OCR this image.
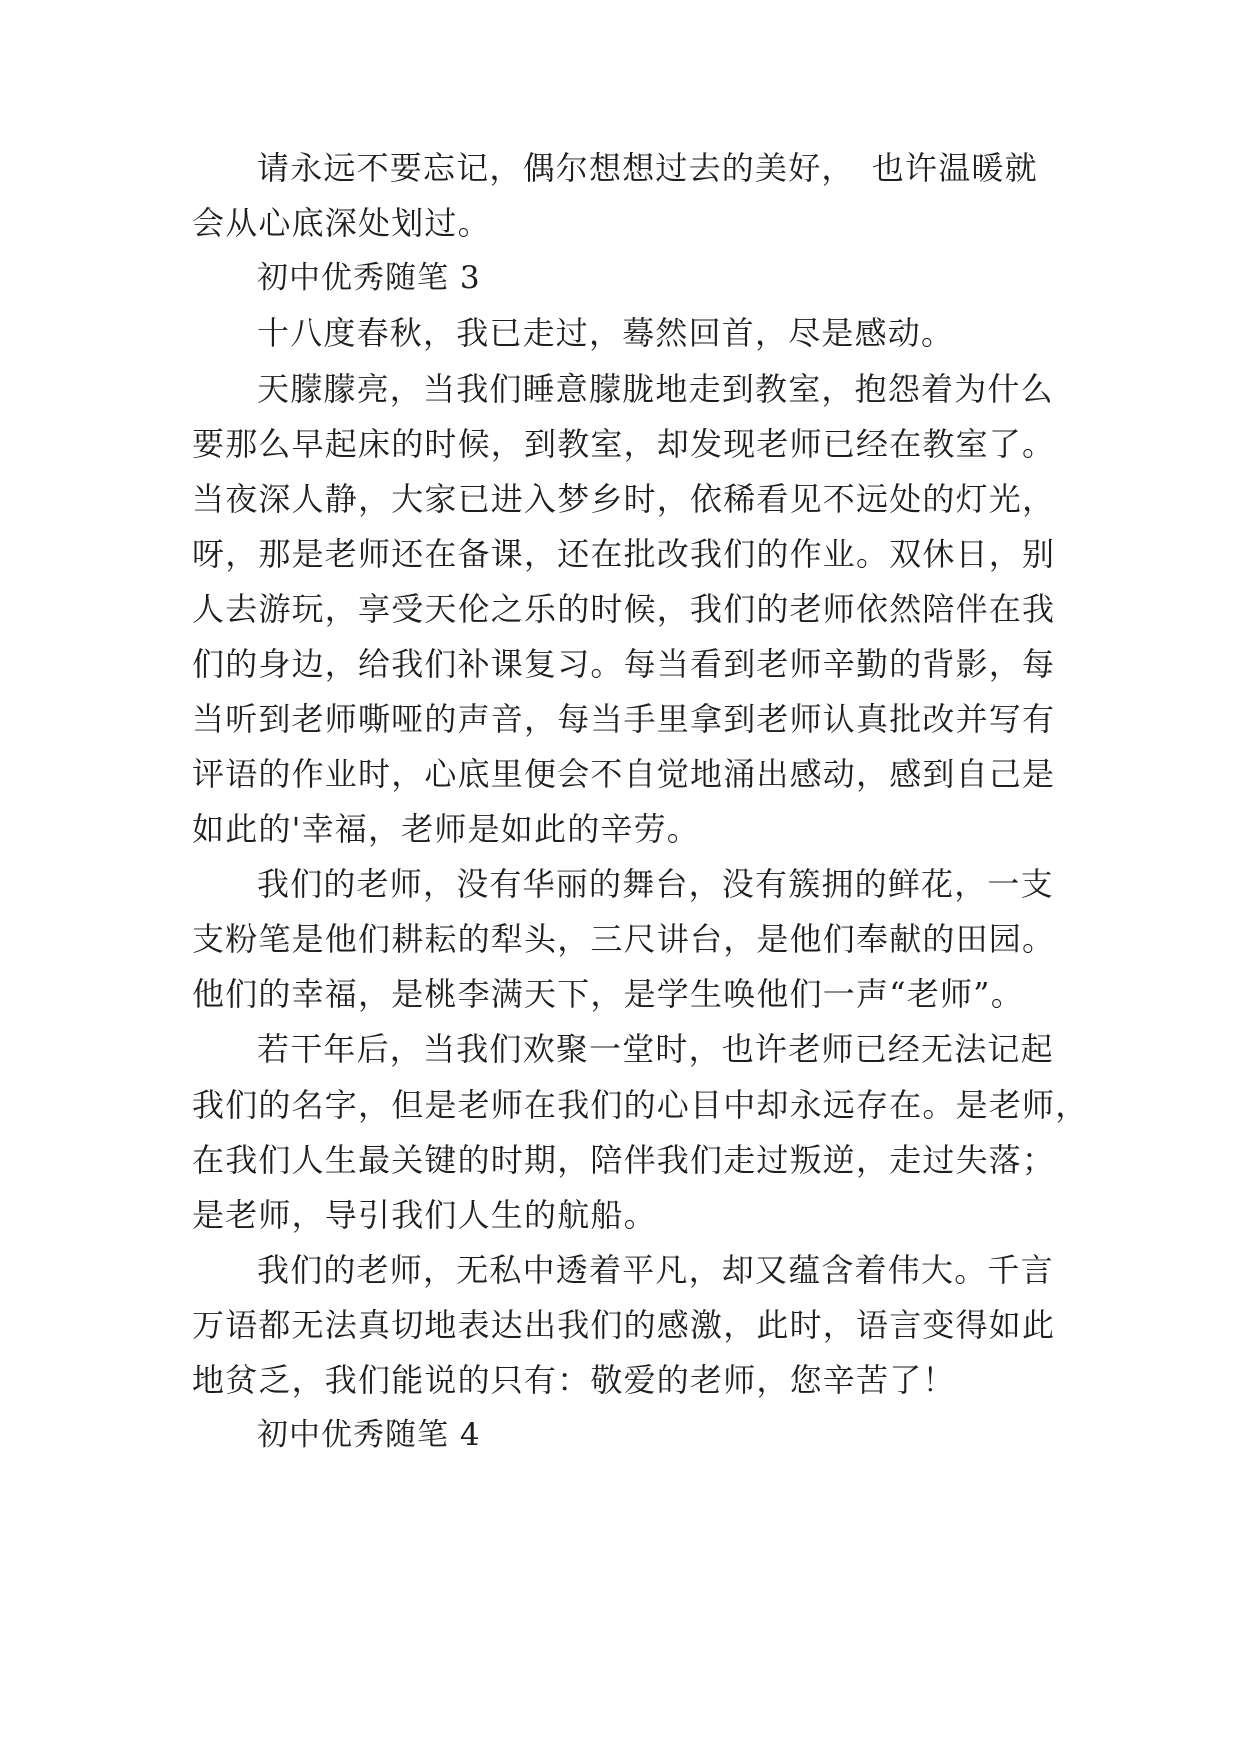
请永远不要忘记，偶尔想想过去的美好，　也许温暖就

会从心底深处划过。

初中优秀随笔 3

十八度春秋，我已走过，蓦然回首，尽是感动。

天朦朦亮，当我们睡意朦胧地走到教室，抱怨着为什么

要那么早起床的时候，到教室，却发现老师已经在教室了。

当夜深人静，大家已进入梦乡时，依稀看见不远处的灯光，

呀，那是老师还在备课，还在批改我们的作业。双休日，别

人去游玩，享受天伦之乐的时候，我们的老师依然陪伴在我

们的身边，给我们补课复习。每当看到老师辛勤的背影，每

当听到老师嘶哑的声音，每当手里拿到老师认真批改并写有

评语的作业时，心底里便会不自觉地涌出感动，感到自己是

如此的'幸福，老师是如此的辛劳。

我们的老师，没有华丽的舞台，没有簇拥的鲜花，一支

支粉笔是他们耕耘的犁头，三尺讲台，是他们奉献的田园。

他们的幸福，是桃李满天下，是学生唤他们一声“老师”。

若干年后，当我们欢聚一堂时，也许老师已经无法记起

我们的名字，但是老师在我们的心目中却永远存在。是老师，

在我们人生最关键的时期，陪伴我们走过叛逆，走过失落；

是老师，导引我们人生的航船。

我们的老师，无私中透着平凡，却又蕴含着伟大。千言

万语都无法真切地表达出我们的感激，此时，语言变得如此

地贫乏，我们能说的只有：敬爱的老师，您辛苦了！

初中优秀随笔 4
